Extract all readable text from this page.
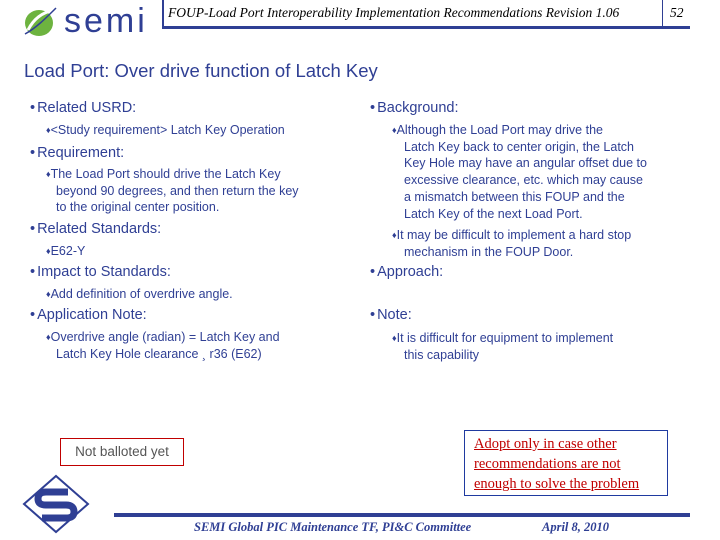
semi FOUP-Load Port Interoperability Implementation Recommendations Revision 1.06	52
Load Port: Over drive function of Latch Key
• Related USRD:
♦<Study requirement> Latch Key Operation
• Requirement:
♦The Load Port should drive the Latch Key
beyond 90 degrees, and then return the key
to the original center position.
• Related Standards:
♦E62-Y
• Impact to Standards:
♦Add definition of overdrive angle.
• Application Note:
♦Overdrive angle (radian) = Latch Key and
Latch Key Hole clearance ¸ r36 (E62)
• Background:
♦Although the Load Port may drive the
Latch Key back to center origin, the Latch
Key Hole may have an angular offset due to
excessive clearance, etc. which may cause
a mismatch between this FOUP and the
Latch Key of the next Load Port.
♦It may be difficult to implement a hard stop
mechanism in the FOUP Door.
• Approach:
• Note:
♦It is difficult for equipment to implement
this capability
Not balloted yet	Adopt only in case other
recommendations are not
enough to solve the problem
SEMI Global PIC Maintenance TF, PI&C Committee	April 8, 2010
